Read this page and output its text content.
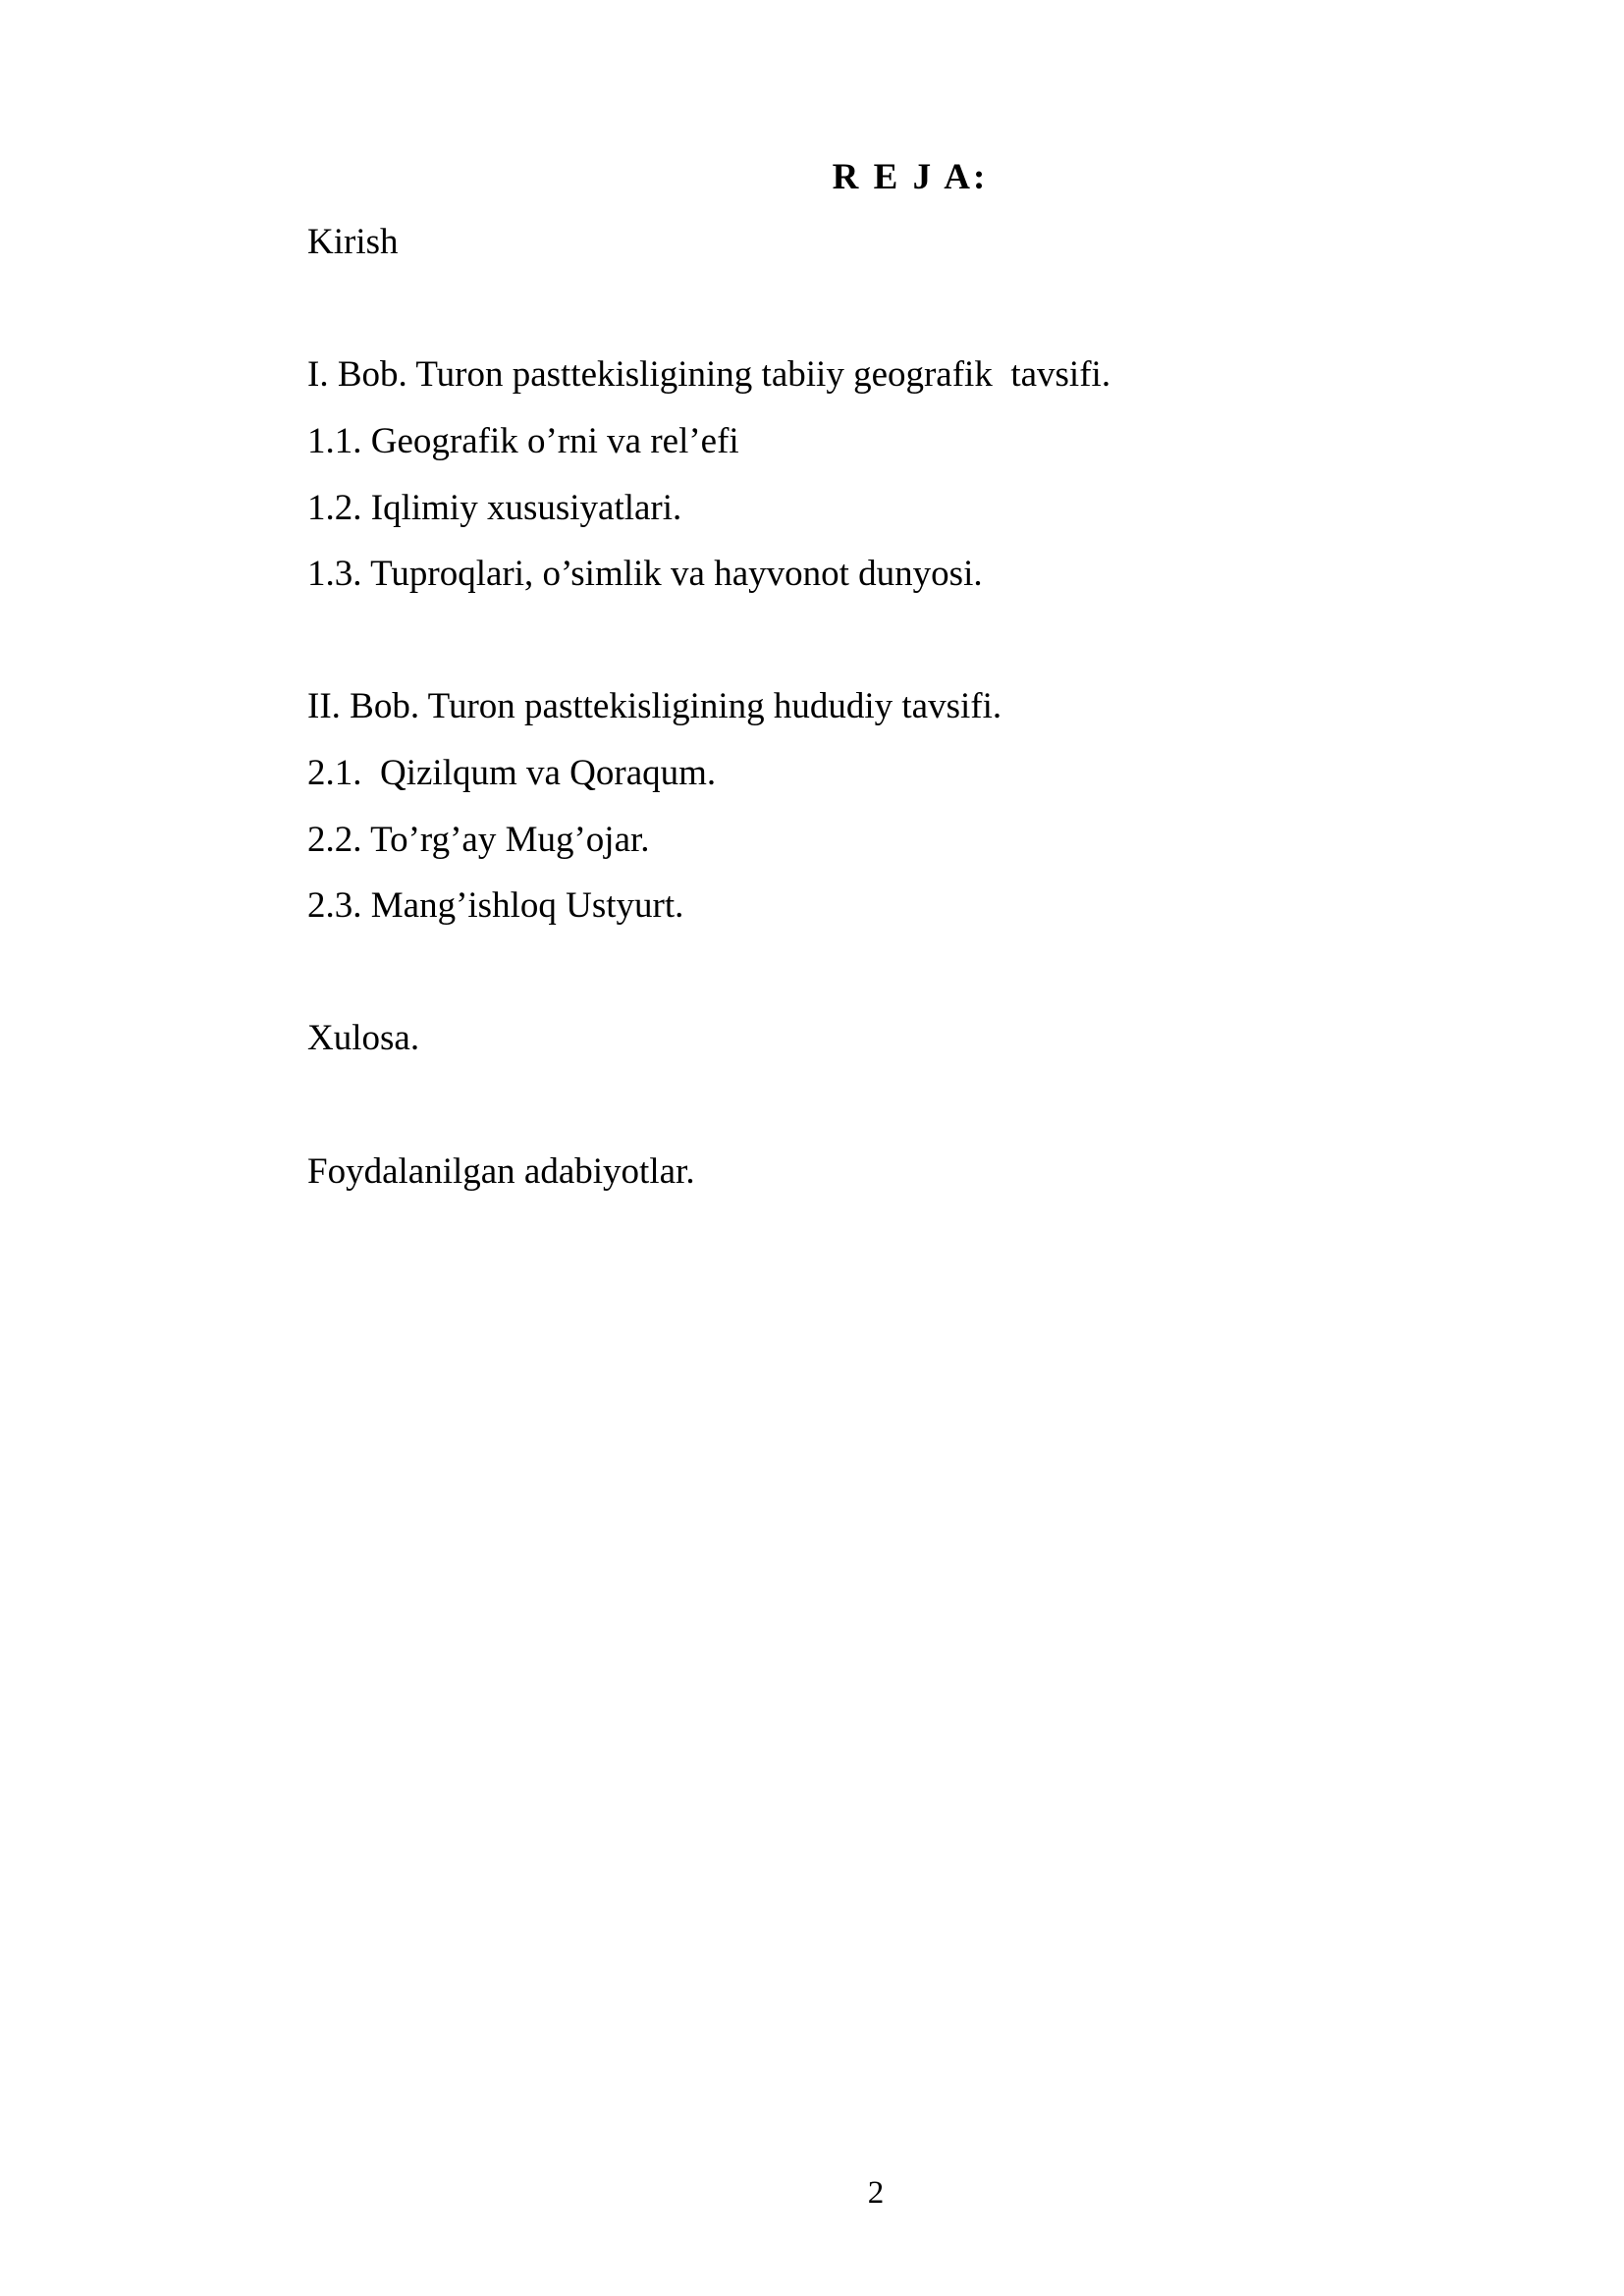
R E J A:
Kirish
I. Bob. Turon pasttekisligining tabiiy geografik  tavsifi.
1.1. Geografik o’rni va rel’efi
1.2. Iqlimiy xususiyatlari.
1.3. Tuproqlari, o’simlik va hayvonot dunyosi.
II. Bob. Turon pasttekisligining hududiy tavsifi.
2.1.  Qizilqum va Qoraqum.
2.2. To’rg’ay Mug’ojar.
2.3. Mang’ishloq Ustyurt.
Xulosa.
Foydalanilgan adabiyotlar.
2
